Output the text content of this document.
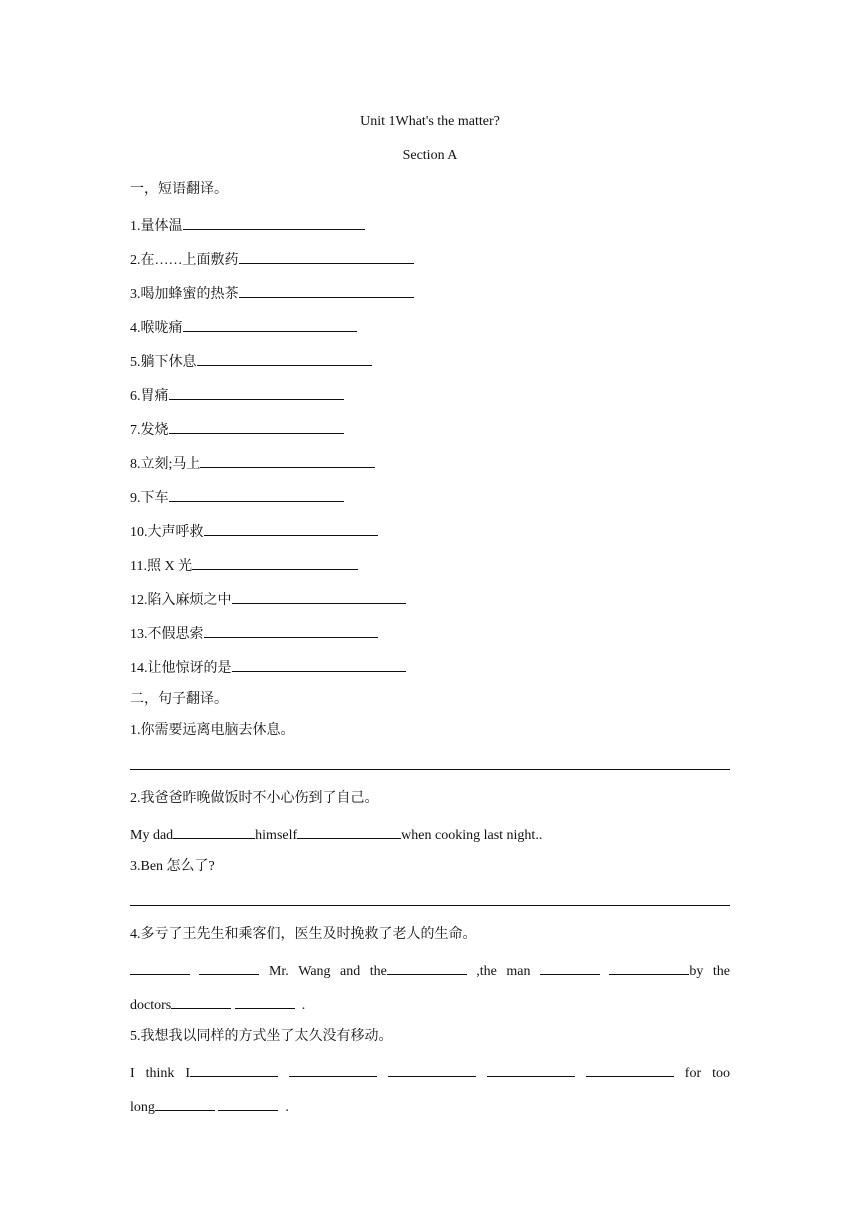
Unit 1What's the matter?
Section A
一，短语翻译。
1.量体温
2.在……上面敷药
3.喝加蜂蜜的热茶
4.喉咙痛
5.躺下休息
6.胃痛
7.发烧
8.立刻;马上
9.下车
10.大声呼救
11.照 X 光
12.陷入麻烦之中
13.不假思索
14.让他惊讶的是
二，句子翻译。
1.你需要远离电脑去休息。
2.我爸爸昨晚做饭时不小心伤到了自己。
My dad	himself	when cooking last night..
3.Ben 怎么了?
4.多亏了王先生和乘客们，医生及时挽救了老人的生命。
Mr. Wang and the	,the man	by the
doctors	.
5.我想我以同样的方式坐了太久没有移动。
I think I	for too
long	.
